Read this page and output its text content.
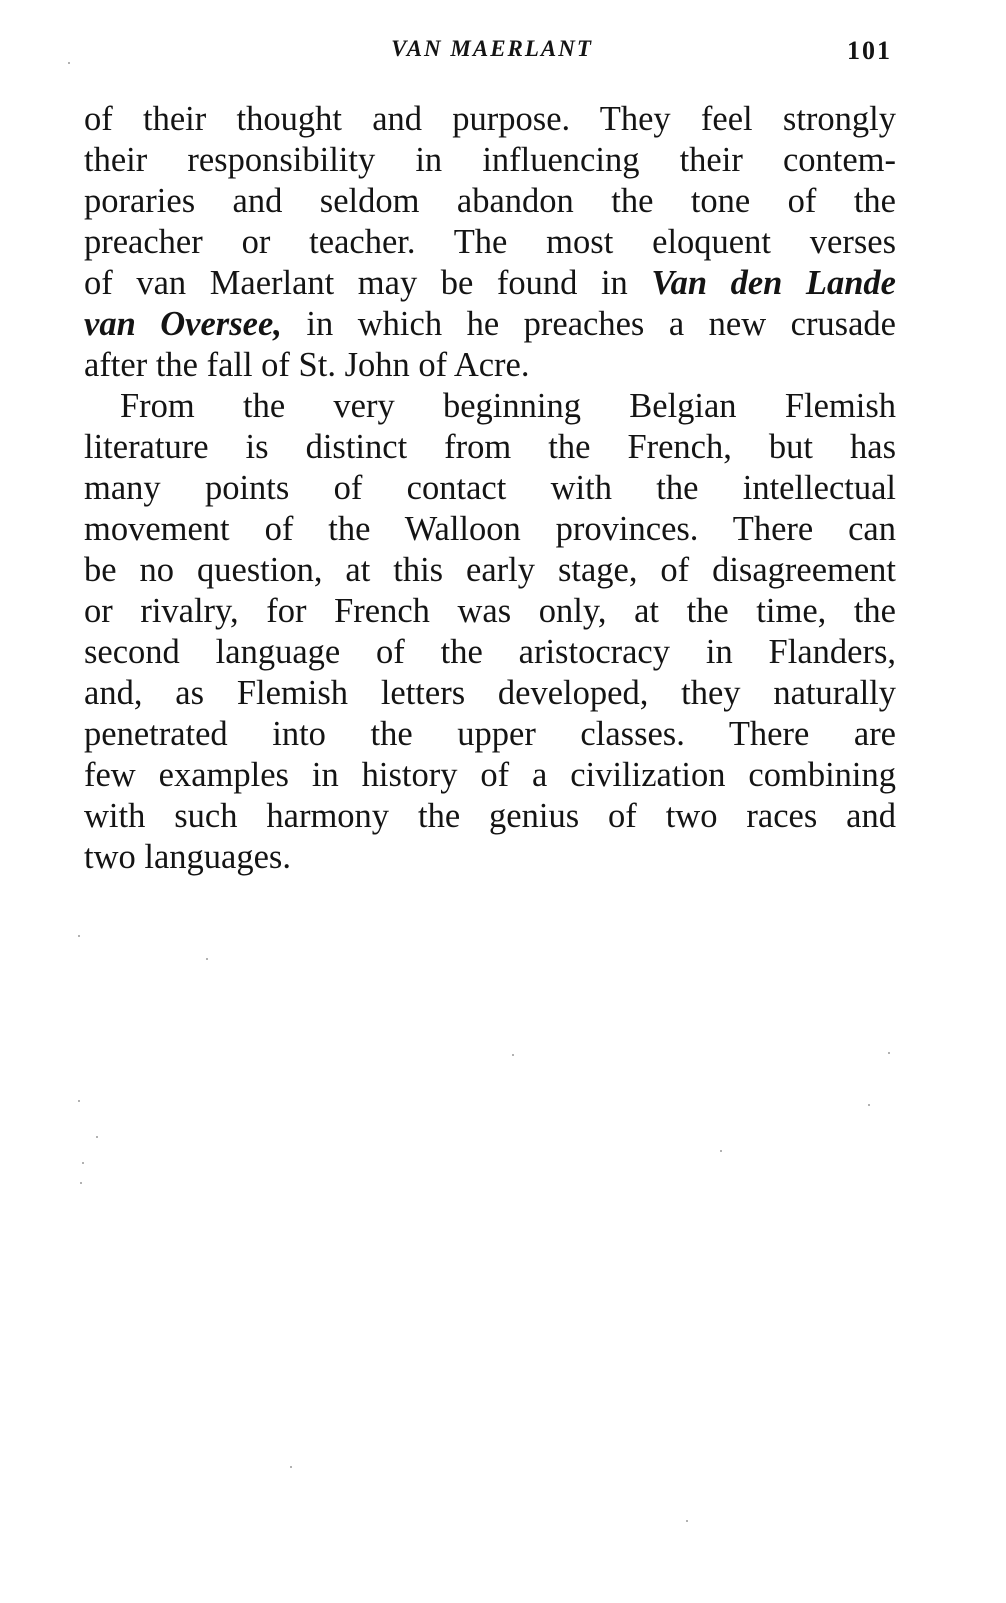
VAN MAERLANT	101
of their thought and purpose. They feel strongly
their responsibility in influencing their contem-
poraries and seldom abandon the tone of the
preacher or teacher. The most eloquent verses
of van Maerlant may be found in Van den Lande
van Oversee, in which he preaches a new crusade
after the fall of St. John of Acre.
From the very beginning Belgian Flemish
literature is distinct from the French, but has
many points of contact with the intellectual
movement of the Walloon provinces. There can
be no question, at this early stage, of disagreement
or rivalry, for French was only, at the time, the
second language of the aristocracy in Flanders,
and, as Flemish letters developed, they naturally
penetrated into the upper classes. There are
few examples in history of a civilization combining
with such harmony the genius of two races and
two languages.
